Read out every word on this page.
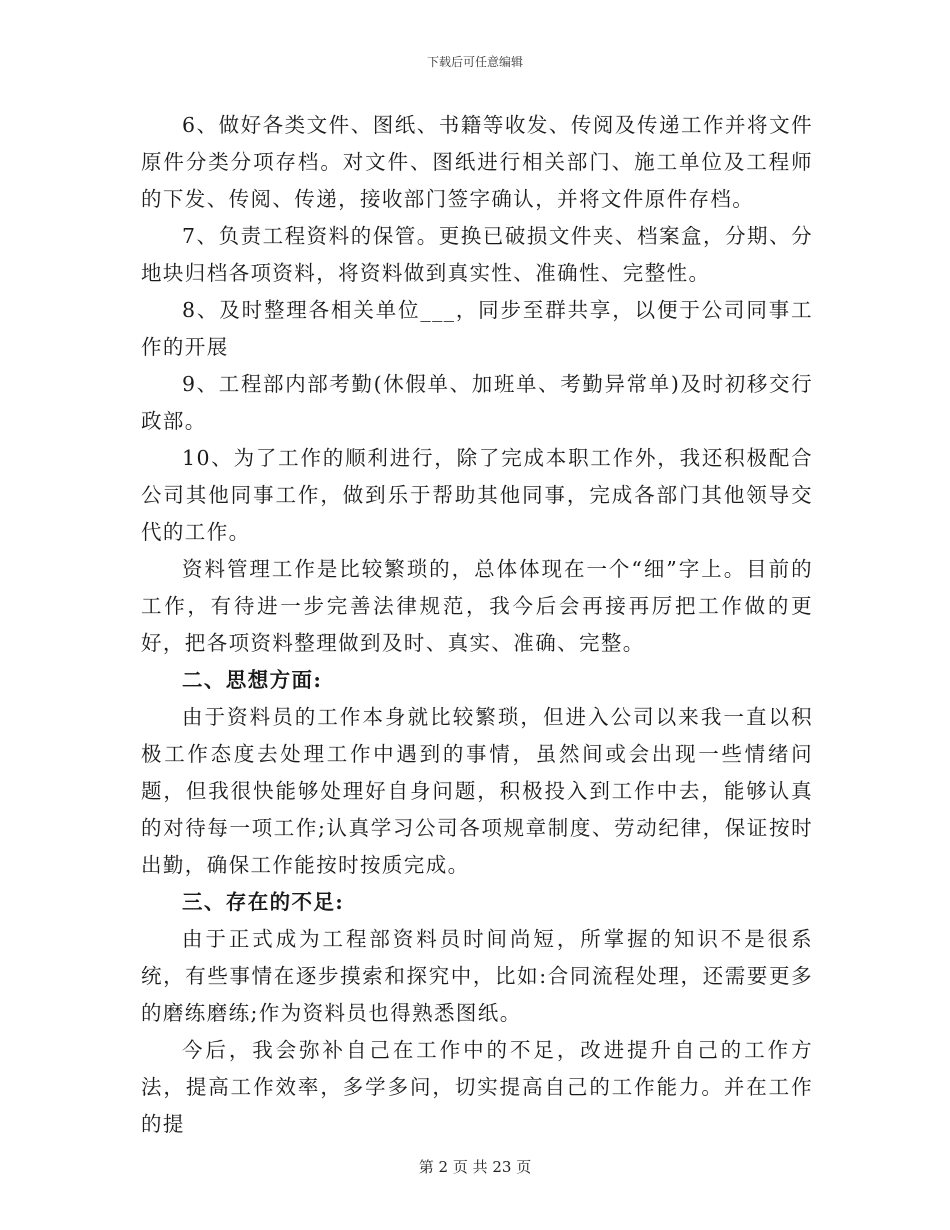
下载后可任意编辑

6、做好各类文件、图纸、书籍等收发、传阅及传递工作并将文件原件分类分项存档。对文件、图纸进行相关部门、施工单位及工程师的下发、传阅、传递，接收部门签字确认，并将文件原件存档。

7、负责工程资料的保管。更换已破损文件夹、档案盒，分期、分地块归档各项资料，将资料做到真实性、准确性、完整性。

8、及时整理各相关单位___，同步至群共享，以便于公司同事工作的开展

9、工程部内部考勤(休假单、加班单、考勤异常单)及时初移交行政部。

10、为了工作的顺利进行，除了完成本职工作外，我还积极配合公司其他同事工作，做到乐于帮助其他同事，完成各部门其他领导交代的工作。

资料管理工作是比较繁琐的，总体体现在一个“细”字上。目前的工作，有待进一步完善法律规范，我今后会再接再厉把工作做的更好，把各项资料整理做到及时、真实、准确、完整。

二、思想方面:

由于资料员的工作本身就比较繁琐，但进入公司以来我一直以积极工作态度去处理工作中遇到的事情，虽然间或会出现一些情绪问题，但我很快能够处理好自身问题，积极投入到工作中去，能够认真的对待每一项工作;认真学习公司各项规章制度、劳动纪律，保证按时出勤，确保工作能按时按质完成。

三、存在的不足:

由于正式成为工程部资料员时间尚短，所掌握的知识不是很系统，有些事情在逐步摸索和探究中，比如:合同流程处理，还需要更多的磨练磨练;作为资料员也得熟悉图纸。

今后，我会弥补自己在工作中的不足，改进提升自己的工作方法，提高工作效率，多学多问，切实提高自己的工作能力。并在工作的提

第 2 页 共 23 页
